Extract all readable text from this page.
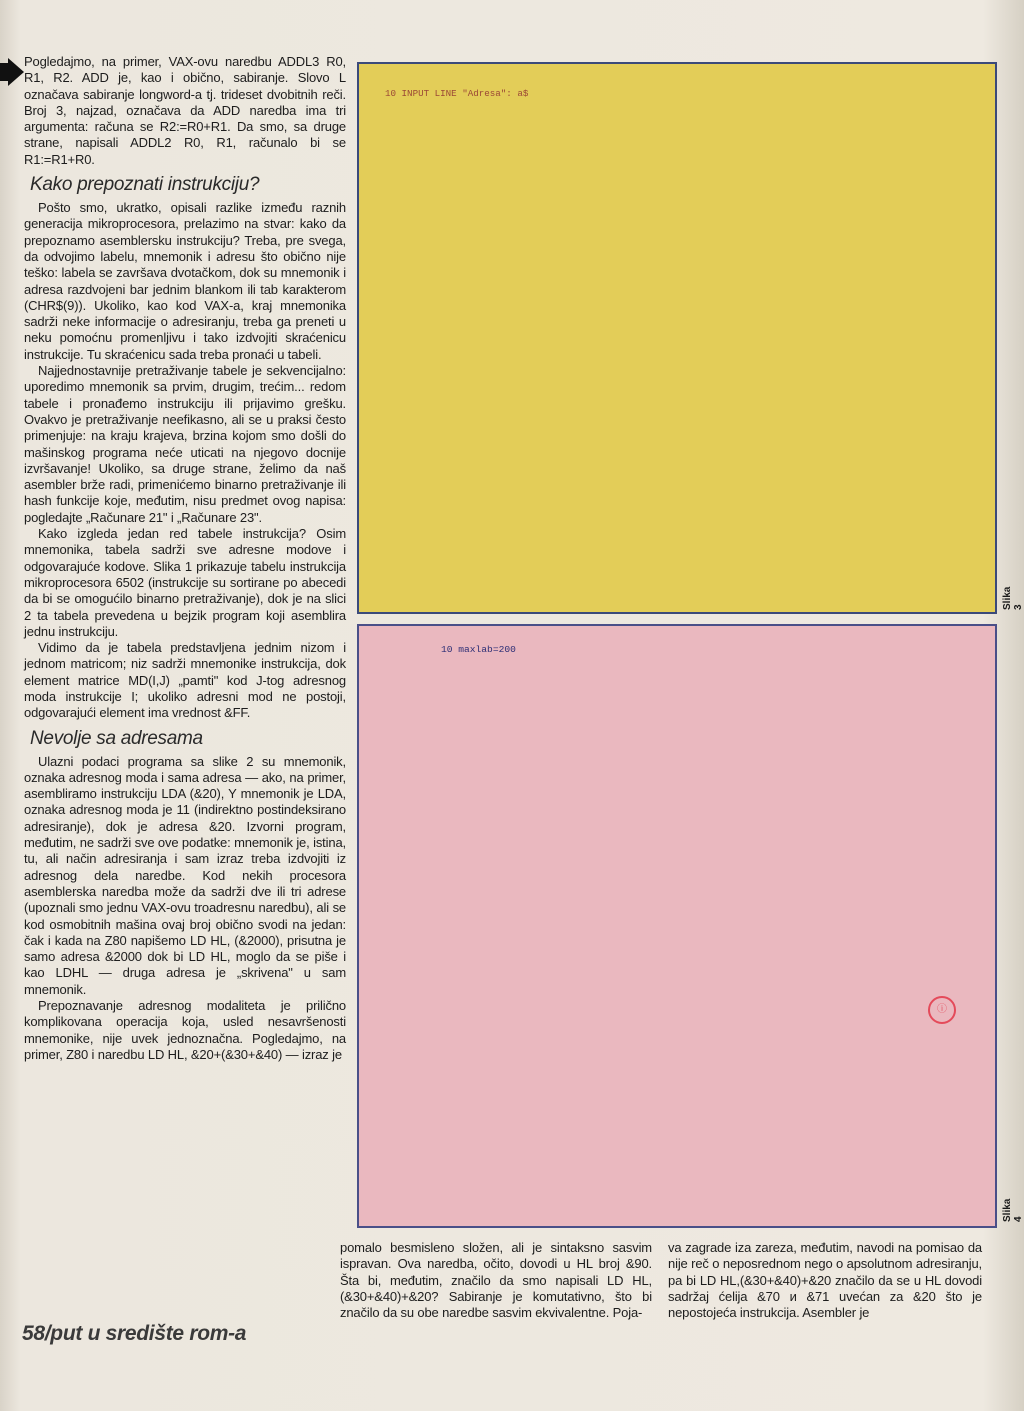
Pogledajmo, na primer, VAX-ovu naredbu ADDL3 R0, R1, R2. ADD je, kao i obično, sabiranje. Slovo L označava sabiranje longword-a tj. trideset dvobitnih reči. Broj 3, najzad, označava da ADD naredba ima tri argumenta: računa se R2:=R0+R1. Da smo, sa druge strane, napisali ADDL2 R0, R1, računalo bi se R1:=R1+R0.

Kako prepoznati instrukciju?

Pošto smo, ukratko, opisali razlike između raznih generacija mikroprocesora, prelazimo na stvar: kako da prepoznamo asemblersku instrukciju? Treba, pre svega, da odvojimo labelu, mnemonik i adresu što obično nije teško: labela se završava dvotačkom, dok su mnemonik i adresa razdvojeni bar jednim blankom ili tab karakterom (CHR$(9)). Ukoliko, kao kod VAX-a, kraj mnemonika sadrži neke informacije o adresiranju, treba ga preneti u neku pomoćnu promenljivu i tako izdvojiti skraćenicu instrukcije. Tu skraćenicu sada treba pronaći u tabeli.

Najjednostavnije pretraživanje tabele je sekvencijalno: uporedimo mnemonik sa prvim, drugim, trećim... redom tabele i pronađemo instrukciju ili prijavimo grešku. Ovakvo je pretraživanje neefikasno, ali se u praksi često primenjuje: na kraju krajeva, brzina kojom smo došli do mašinskog programa neće uticati na njegovo docnije izvršavanje! Ukoliko, sa druge strane, želimo da naš asembler brže radi, primenićemo binarno pretraživanje ili hash funkcije koje, međutim, nisu predmet ovog napisa: pogledajte „Računare 21" i „Računare 23".

Kako izgleda jedan red tabele instrukcija? Osim mnemonika, tabela sadrži sve adresne modove i odgovarajuće kodove. Slika 1 prikazuje tabelu instrukcija mikroprocesora 6502 (instrukcije su sortirane po abecedi da bi se omogućilo binarno pretraživanje), dok je na slici 2 ta tabela prevedena u bejzik program koji asemblira jednu instrukciju.

Vidimo da je tabela predstavljena jednim nizom i jednom matricom; niz sadrži mnemonike instrukcija, dok element matrice MD(I,J) „pamti" kod J-tog adresnog moda instrukcije I; ukoliko adresni mod ne postoji, odgovarajući element ima vrednost &FF.

Nevolje sa adresama

Ulazni podaci programa sa slike 2 su mnemonik, oznaka adresnog moda i sama adresa — ako, na primer, asembliramo instrukciju LDA (&20), Y mnemonik je LDA, oznaka adresnog moda je 11 (indirektno postindeksirano adresiranje), dok je adresa &20. Izvorni program, međutim, ne sadrži sve ove podatke: mnemonik je, istina, tu, ali način adresiranja i sam izraz treba izdvojiti iz adresnog dela naredbe. Kod nekih procesora asemblerska naredba može da sadrži dve ili tri adrese (upoznali smo jednu VAX-ovu troadresnu naredbu), ali se kod osmobitnih mašina ovaj broj obično svodi na jedan: čak i kada na Z80 napišemo LD HL, (&2000), prisutna je samo adresa &2000 dok bi LD HL, moglo da se piše i kao LDHL — druga adresa je „skrivena" u sam mnemonik.

Prepoznavanje adresnog modaliteta je prilično komplikovana operacija koja, usled nesavršenosti mnemonike, nije uvek jednoznačna. Pogledajmo, na primer, Z80 i naredbu LD HL, &20+(&30+&40) — izraz je

10 INPUT LINE "Adresa": a$
Slika 3
10 maxlab=200
Slika 4
ⓘ

pomalo besmisleno složen, ali je sintaksno sasvim ispravan. Ova naredba, očito, dovodi u HL broj &90. Šta bi, međutim, značilo da smo napisali LD HL,(&30+&40)+&20? Sabiranje je komutativno, što bi značilo da su obe naredbe sasvim ekvivalentne. Poja-

va zagrade iza zareza, međutim, navodi na pomisao da nije reč o neposrednom nego o apsolutnom adresiranju, pa bi LD HL,(&30+&40)+&20 značilo da se u HL dovodi sadržaj ćelija &70 и &71 uvećan za &20 što je nepostojeća instrukcija. Asembler je

58/put u središte rom-a
